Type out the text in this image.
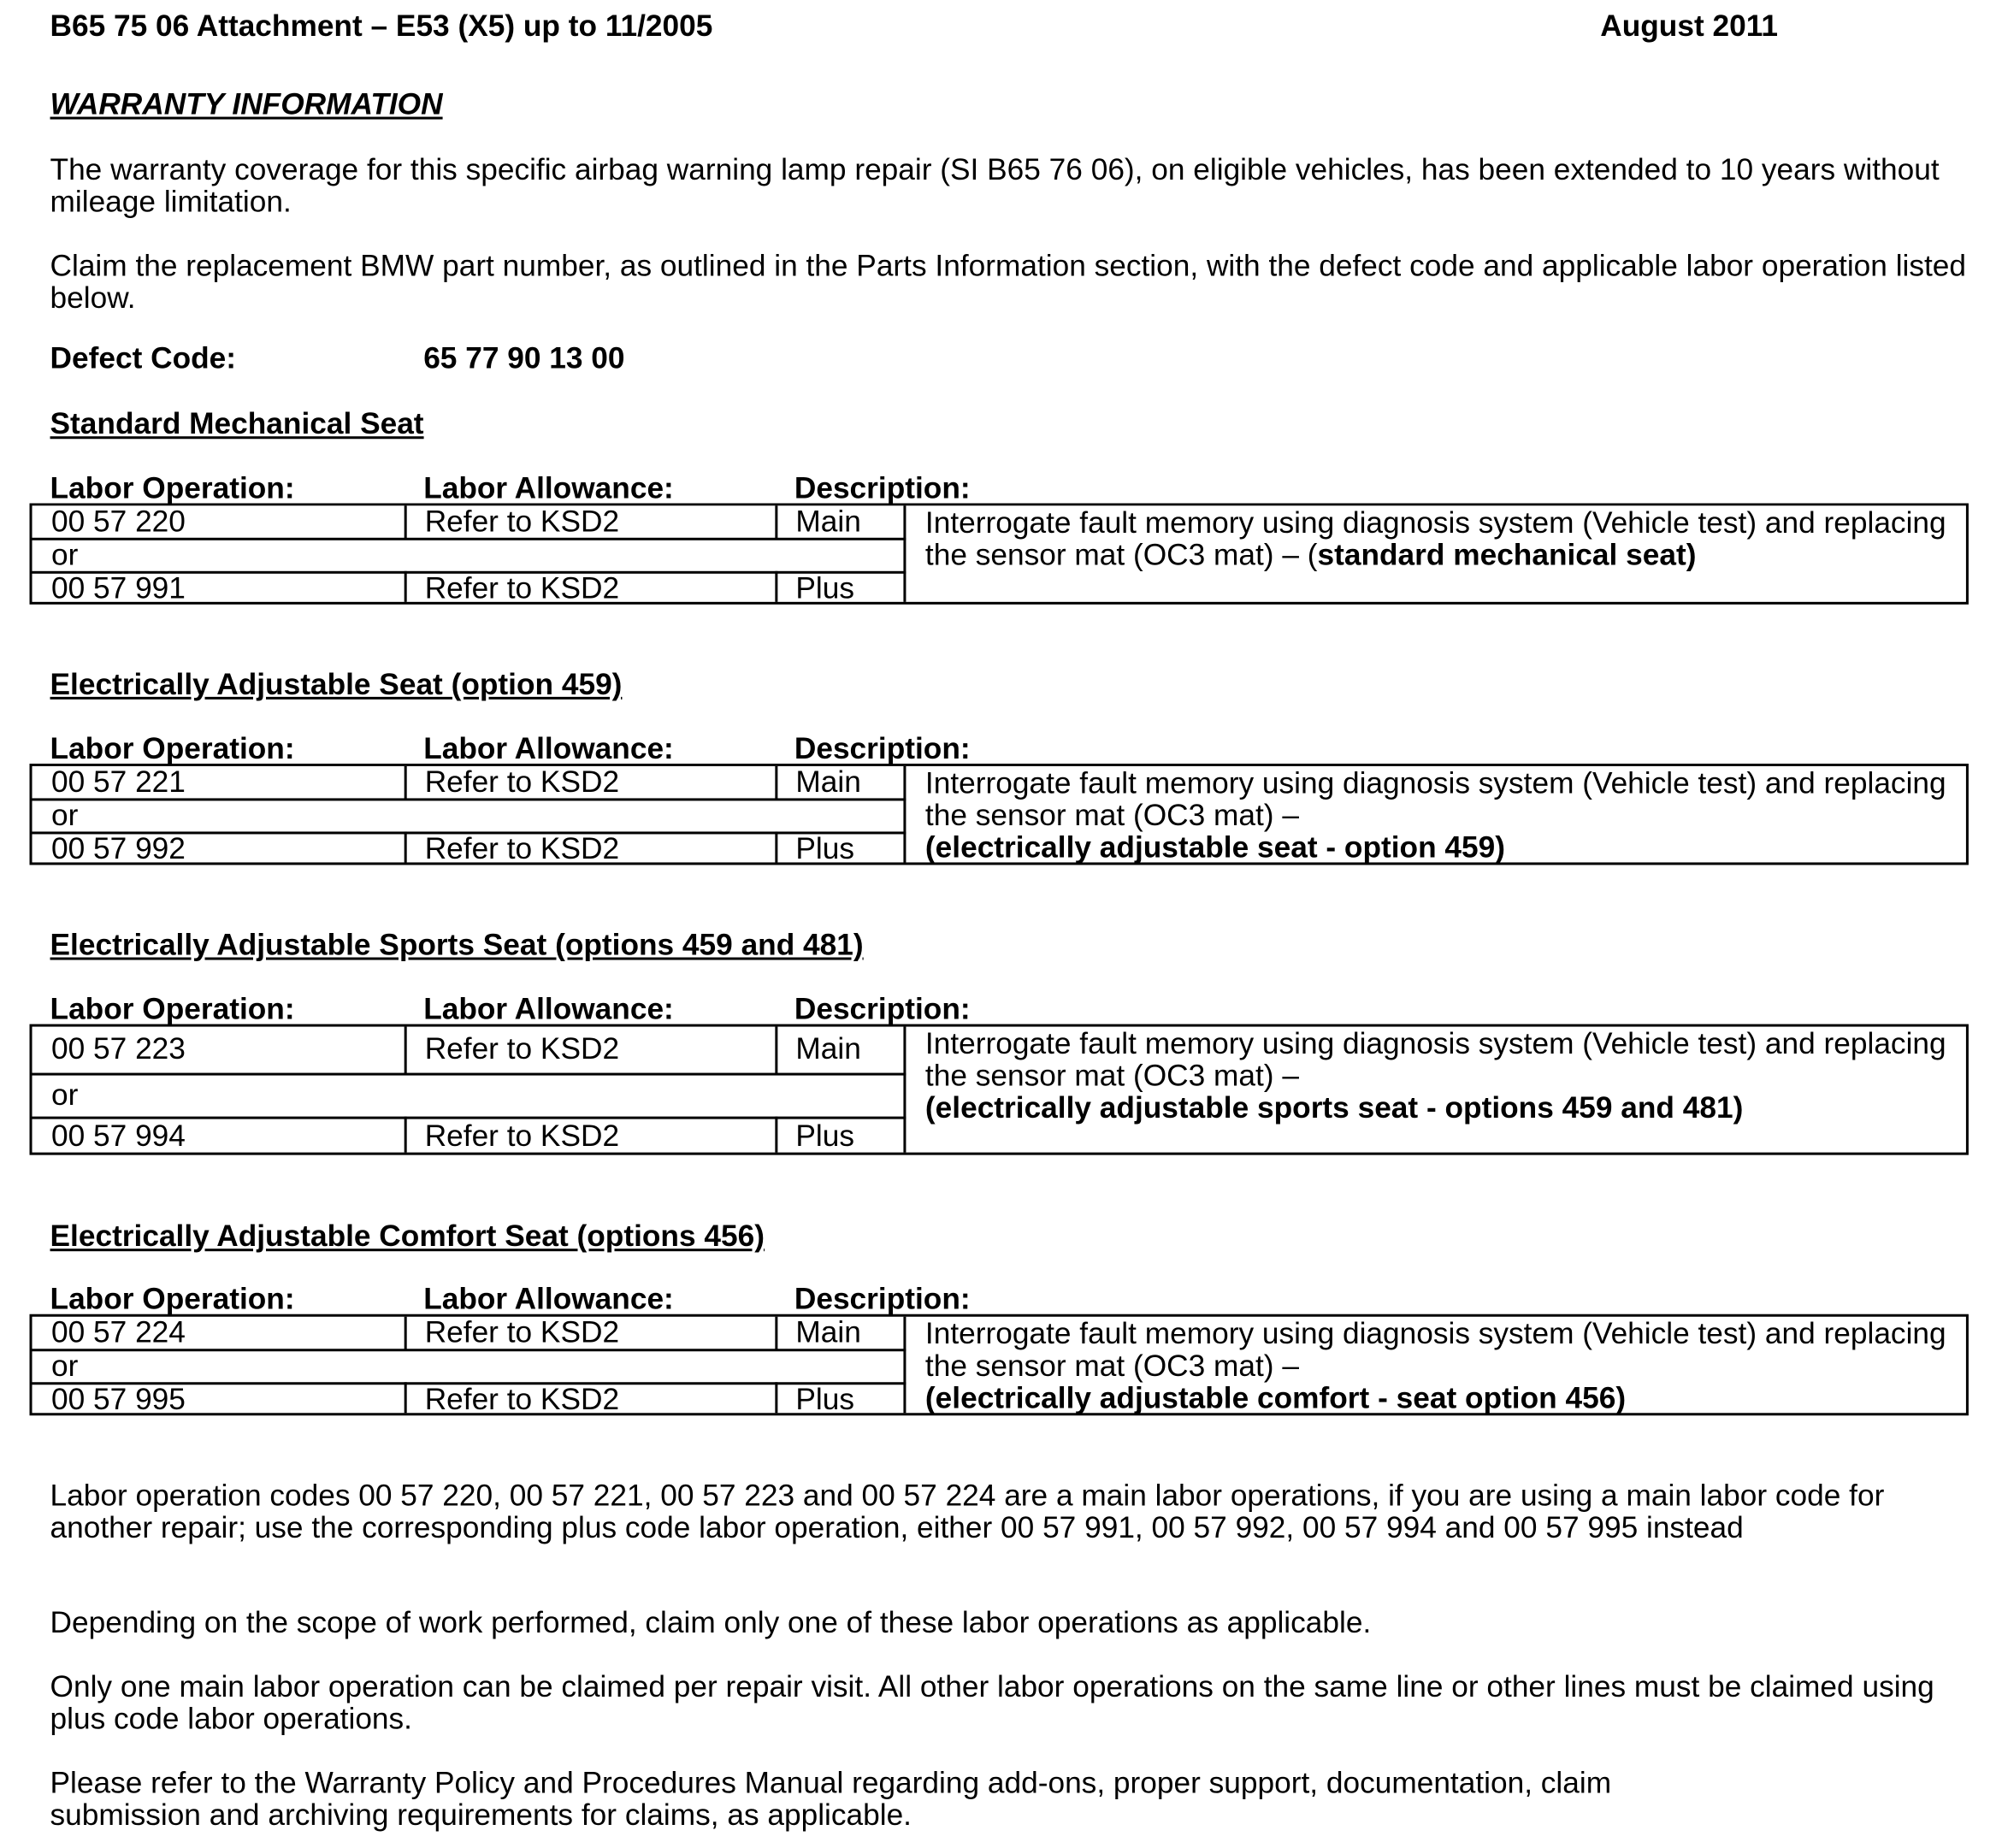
B65 75 06 Attachment – E53 (X5) up to 11/2005	August 2011
WARRANTY INFORMATION
The warranty coverage for this specific airbag warning lamp repair (SI B65 76 06), on eligible vehicles, has been extended to 10 years without mileage limitation.
Claim the replacement BMW part number, as outlined in the Parts Information section, with the defect code and applicable labor operation listed below.
Defect Code:	65 77 90 13 00
Standard Mechanical Seat
Labor Operation:	Labor Allowance:	Description:
00 57 220	Refer to KSD2	Main
or
00 57 991	Refer to KSD2	Plus
Interrogate fault memory using diagnosis system (Vehicle test) and replacing the sensor mat (OC3 mat) – (standard mechanical seat)
Electrically Adjustable Seat (option 459)
Labor Operation:	Labor Allowance:	Description:
00 57 221	Refer to KSD2	Main
or
00 57 992	Refer to KSD2	Plus
Interrogate fault memory using diagnosis system (Vehicle test) and replacing the sensor mat (OC3 mat) –
(electrically adjustable seat - option 459)
Electrically Adjustable Sports Seat (options 459 and 481)
Labor Operation:	Labor Allowance:	Description:
00 57 223	Refer to KSD2	Main
or
00 57 994	Refer to KSD2	Plus
Interrogate fault memory using diagnosis system (Vehicle test) and replacing the sensor mat (OC3 mat) –
(electrically adjustable sports seat - options 459 and 481)
Electrically Adjustable Comfort Seat (options 456)
Labor Operation:	Labor Allowance:	Description:
00 57 224	Refer to KSD2	Main
or
00 57 995	Refer to KSD2	Plus
Interrogate fault memory using diagnosis system (Vehicle test) and replacing the sensor mat (OC3 mat) –
(electrically adjustable comfort - seat option 456)
Labor operation codes 00 57 220, 00 57 221, 00 57 223 and 00 57 224 are a main labor operations, if you are using a main labor code for another repair; use the corresponding plus code labor operation, either 00 57 991, 00 57 992, 00 57 994 and 00 57 995 instead
Depending on the scope of work performed, claim only one of these labor operations as applicable.
Only one main labor operation can be claimed per repair visit. All other labor operations on the same line or other lines must be claimed using plus code labor operations.
Please refer to the Warranty Policy and Procedures Manual regarding add-ons, proper support, documentation, claim submission and archiving requirements for claims, as applicable.
